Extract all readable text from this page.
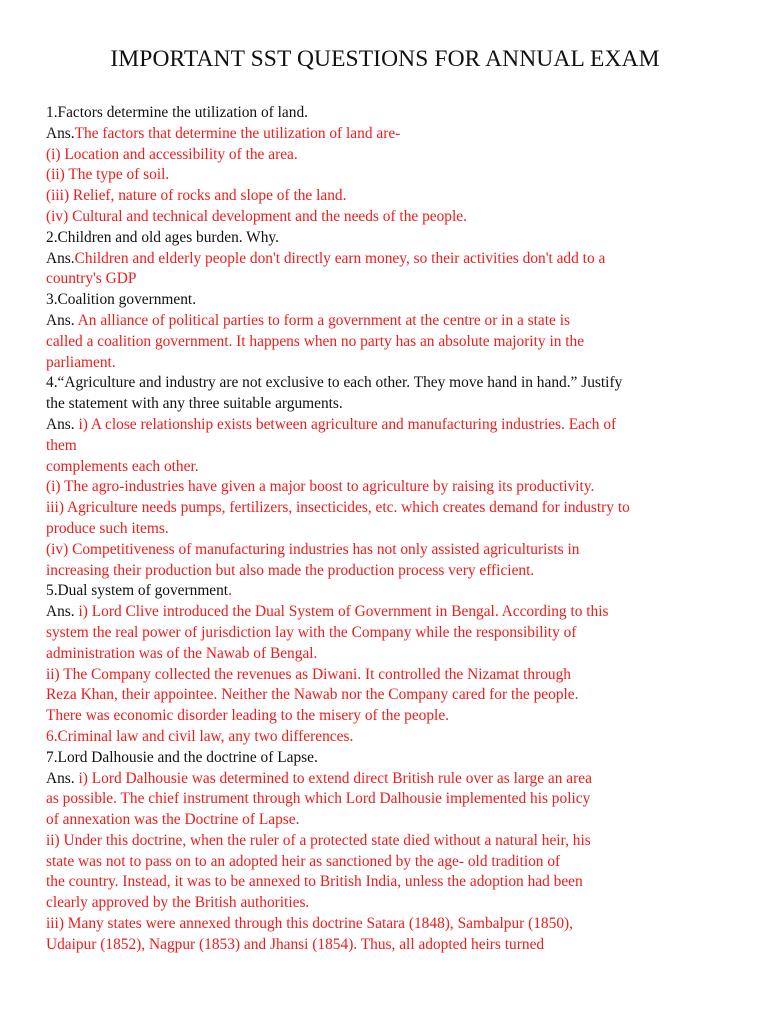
IMPORTANT SST QUESTIONS FOR ANNUAL EXAM
1.Factors determine the utilization of land.
Ans.The factors that determine the utilization of land are-
(i) Location and accessibility of the area.
(ii) The type of soil.
(iii) Relief, nature of rocks and slope of the land.
(iv) Cultural and technical development and the needs of the people.
2.Children and old ages burden. Why.
Ans.Children and elderly people don't directly earn money, so their activities don't add to a
country's GDP
3.Coalition government.
Ans. An alliance of political parties to form a government at the centre or in a state is
called a coalition government. It happens when no party has an absolute majority in the
parliament.
4.“Agriculture and industry are not exclusive to each other. They move hand in hand.” Justify
the statement with any three suitable arguments.
Ans. i) A close relationship exists between agriculture and manufacturing industries. Each of
them
complements each other.
(i) The agro-industries have given a major boost to agriculture by raising its productivity.
iii) Agriculture needs pumps, fertilizers, insecticides, etc. which creates demand for industry to
produce such items.
(iv) Competitiveness of manufacturing industries has not only assisted agriculturists in
increasing their production but also made the production process very efficient.
5.Dual system of government.
Ans. i) Lord Clive introduced the Dual System of Government in Bengal. According to this
system the real power of jurisdiction lay with the Company while the responsibility of
administration was of the Nawab of Bengal.
ii) The Company collected the revenues as Diwani. It controlled the Nizamat through
Reza Khan, their appointee. Neither the Nawab nor the Company cared for the people.
There was economic disorder leading to the misery of the people.
6.Criminal law and civil law, any two differences.
7.Lord Dalhousie and the doctrine of Lapse.
Ans. i) Lord Dalhousie was determined to extend direct British rule over as large an area
as possible. The chief instrument through which Lord Dalhousie implemented his policy
of annexation was the Doctrine of Lapse.
ii) Under this doctrine, when the ruler of a protected state died without a natural heir, his
state was not to pass on to an adopted heir as sanctioned by the age- old tradition of
the country. Instead, it was to be annexed to British India, unless the adoption had been
clearly approved by the British authorities.
iii) Many states were annexed through this doctrine Satara (1848), Sambalpur (1850),
Udaipur (1852), Nagpur (1853) and Jhansi (1854). Thus, all adopted heirs turned
